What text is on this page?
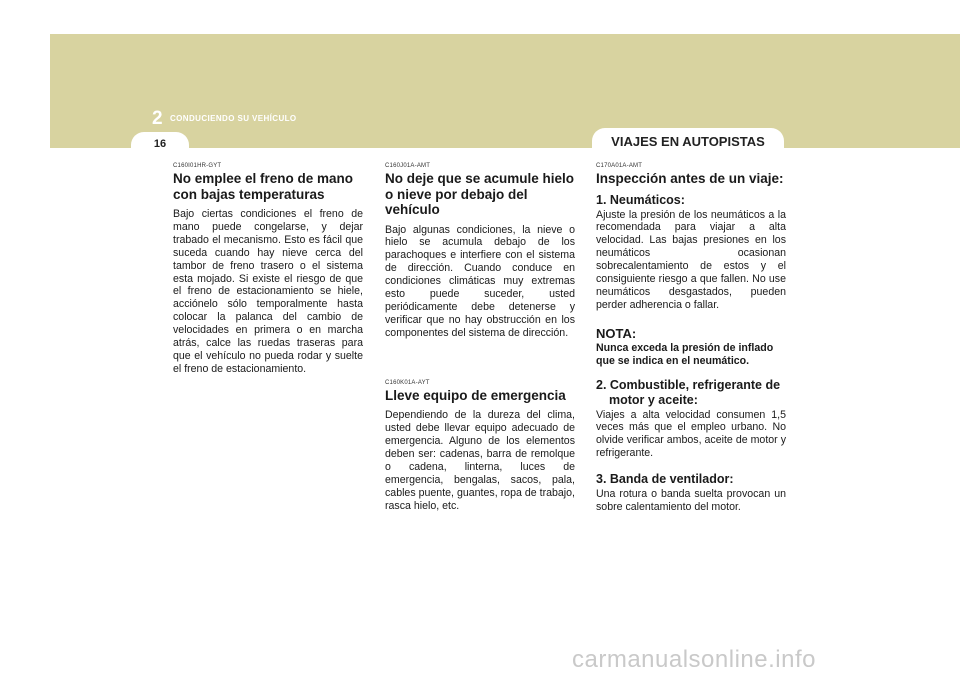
2 CONDUCIENDO SU VEHÍCULO
16	VIAJES EN AUTOPISTAS

C160I01HR-GYT

No emplee el freno de mano con bajas temperaturas

Bajo ciertas condiciones el freno de mano puede congelarse, y dejar trabado el mecanismo. Esto es fácil que suceda cuando hay nieve cerca del tambor de freno trasero o el sistema esta mojado. Si existe el riesgo de que el freno de estacionamiento se hiele, acciónelo sólo temporalmente hasta colocar la palanca del cambio de velocidades en primera o en marcha atrás, calce las ruedas traseras para que el vehículo no pueda rodar y suelte el freno de estacionamiento.

C160J01A-AMT

No deje que se acumule hielo o nieve por debajo del vehículo

Bajo algunas condiciones, la nieve o hielo se acumula debajo de los parachoques e interfiere con el sistema de dirección. Cuando conduce en condiciones climáticas muy extremas esto puede suceder, usted periódicamente debe detenerse y verificar que no hay obstrucción en los componentes del sistema de dirección.

C160K01A-AYT

Lleve equipo de emergencia

Dependiendo de la dureza del clima, usted debe llevar equipo adecuado de emergencia. Alguno de los elementos deben ser: cadenas, barra de remolque o cadena, linterna, luces de emergencia, bengalas, sacos, pala, cables puente, guantes, ropa de trabajo, rasca hielo, etc.

C170A01A-AMT

Inspección antes de un viaje:

1. Neumáticos:

Ajuste la presión de los neumáticos a la recomendada para viajar a alta velocidad. Las bajas presiones en los neumáticos ocasionan sobrecalentamiento de estos y el consiguiente riesgo a que fallen. No use neumáticos desgastados, pueden perder adherencia o fallar.

NOTA:

Nunca exceda la presión de inflado que se indica en el neumático.

2. Combustible, refrigerante de motor y aceite:

Viajes a alta velocidad consumen 1,5 veces más que el empleo urbano. No olvide verificar ambos, aceite de motor y refrigerante.

3. Banda de ventilador:

Una rotura o banda suelta provocan un sobre calentamiento del motor.

carmanualsonline.info
